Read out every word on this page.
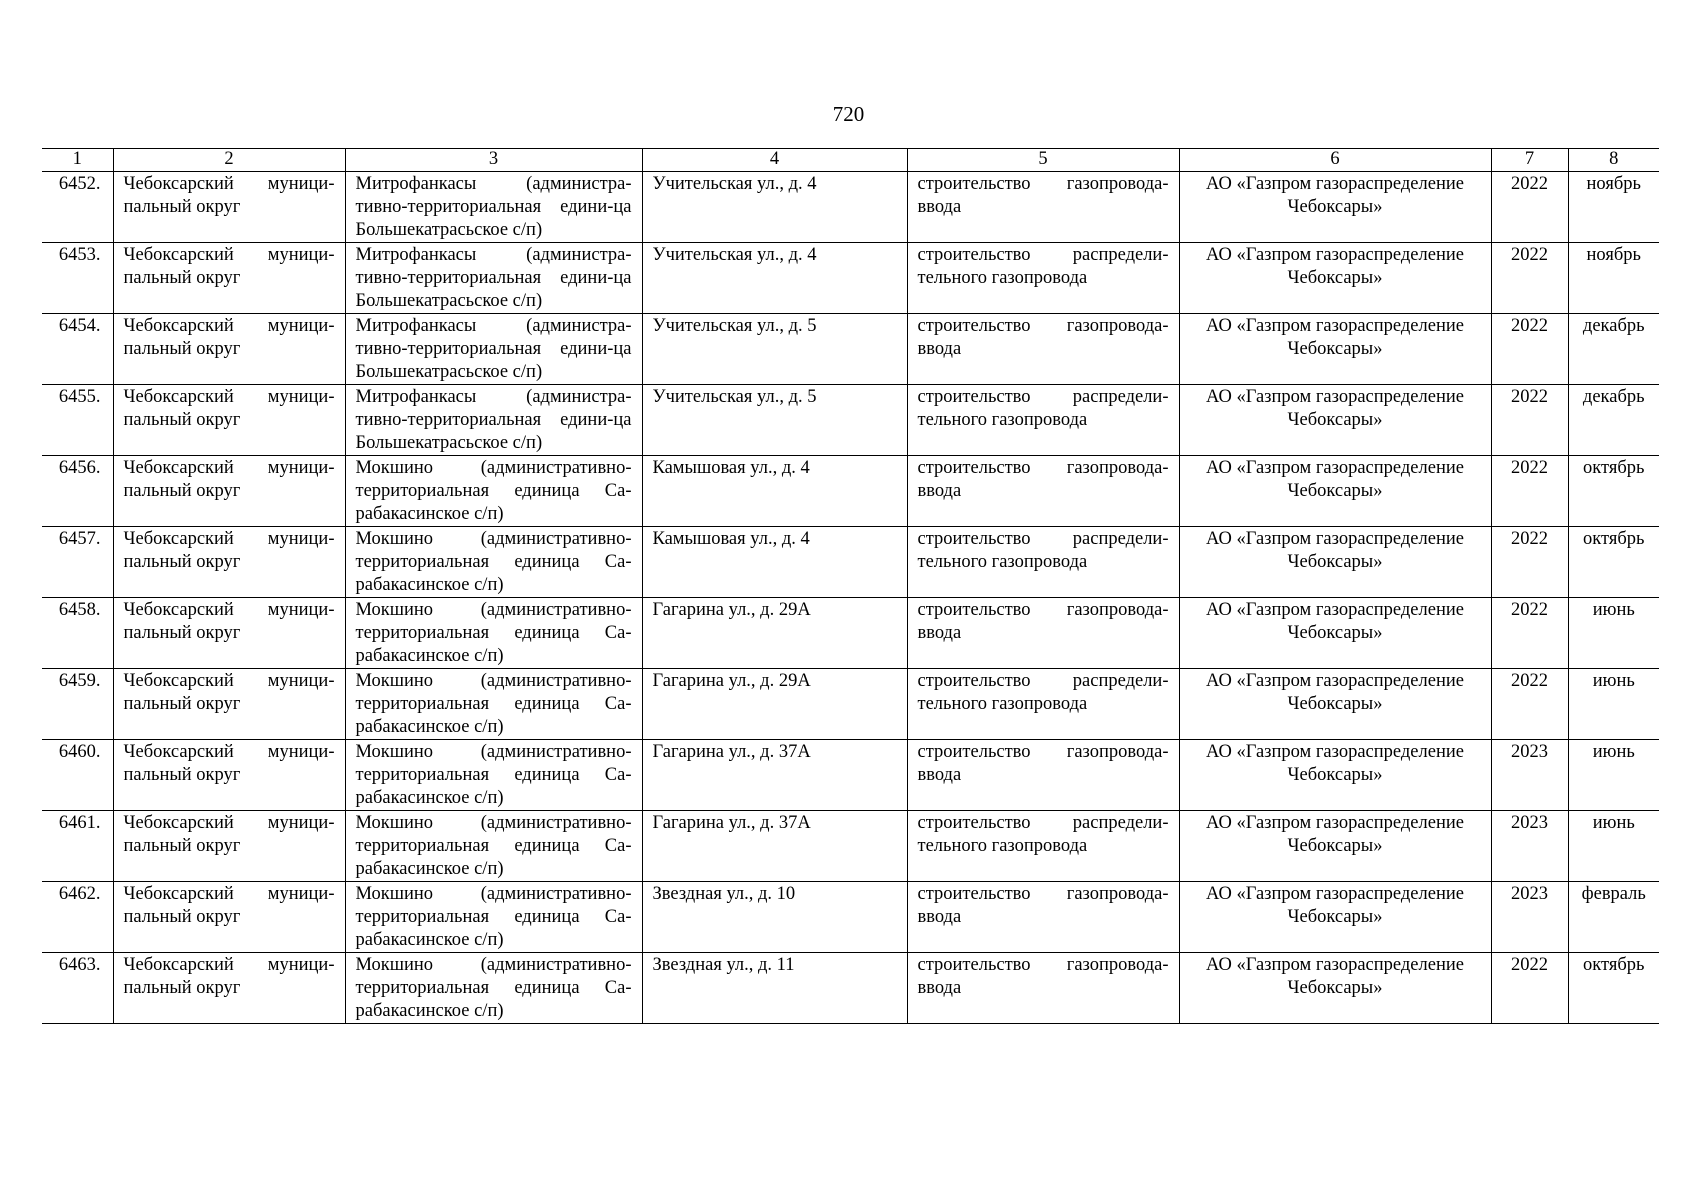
720
1	2	3	4	5	6	7	8
6452.	Чебоксарский муници-пальный округ	Митрофанкасы (администра-тивно-территориальная едини-ца Большекатрасьское с/п)	Учительская ул., д. 4	строительство газопровода-ввода	АО «Газпром газораспределение Чебоксары»	2022	ноябрь
6453.	Чебоксарский муници-пальный округ	Митрофанкасы (администра-тивно-территориальная едини-ца Большекатрасьское с/п)	Учительская ул., д. 4	строительство распредели-тельного газопровода	АО «Газпром газораспределение Чебоксары»	2022	ноябрь
6454.	Чебоксарский муници-пальный округ	Митрофанкасы (администра-тивно-территориальная едини-ца Большекатрасьское с/п)	Учительская ул., д. 5	строительство газопровода-ввода	АО «Газпром газораспределение Чебоксары»	2022	декабрь
6455.	Чебоксарский муници-пальный округ	Митрофанкасы (администра-тивно-территориальная едини-ца Большекатрасьское с/п)	Учительская ул., д. 5	строительство распредели-тельного газопровода	АО «Газпром газораспределение Чебоксары»	2022	декабрь
6456.	Чебоксарский муници-пальный округ	Мокшино (административно-территориальная единица Са-рабакасинское с/п)	Камышовая ул., д. 4	строительство газопровода-ввода	АО «Газпром газораспределение Чебоксары»	2022	октябрь
6457.	Чебоксарский муници-пальный округ	Мокшино (административно-территориальная единица Са-рабакасинское с/п)	Камышовая ул., д. 4	строительство распредели-тельного газопровода	АО «Газпром газораспределение Чебоксары»	2022	октябрь
6458.	Чебоксарский муници-пальный округ	Мокшино (административно-территориальная единица Са-рабакасинское с/п)	Гагарина ул., д. 29А	строительство газопровода-ввода	АО «Газпром газораспределение Чебоксары»	2022	июнь
6459.	Чебоксарский муници-пальный округ	Мокшино (административно-территориальная единица Са-рабакасинское с/п)	Гагарина ул., д. 29А	строительство распредели-тельного газопровода	АО «Газпром газораспределение Чебоксары»	2022	июнь
6460.	Чебоксарский муници-пальный округ	Мокшино (административно-территориальная единица Са-рабакасинское с/п)	Гагарина ул., д. 37А	строительство газопровода-ввода	АО «Газпром газораспределение Чебоксары»	2023	июнь
6461.	Чебоксарский муници-пальный округ	Мокшино (административно-территориальная единица Са-рабакасинское с/п)	Гагарина ул., д. 37А	строительство распредели-тельного газопровода	АО «Газпром газораспределение Чебоксары»	2023	июнь
6462.	Чебоксарский муници-пальный округ	Мокшино (административно-территориальная единица Са-рабакасинское с/п)	Звездная ул., д. 10	строительство газопровода-ввода	АО «Газпром газораспределение Чебоксары»	2023	февраль
6463.	Чебоксарский муници-пальный округ	Мокшино (административно-территориальная единица Са-рабакасинское с/п)	Звездная ул., д. 11	строительство газопровода-ввода	АО «Газпром газораспределение Чебоксары»	2022	октябрь
